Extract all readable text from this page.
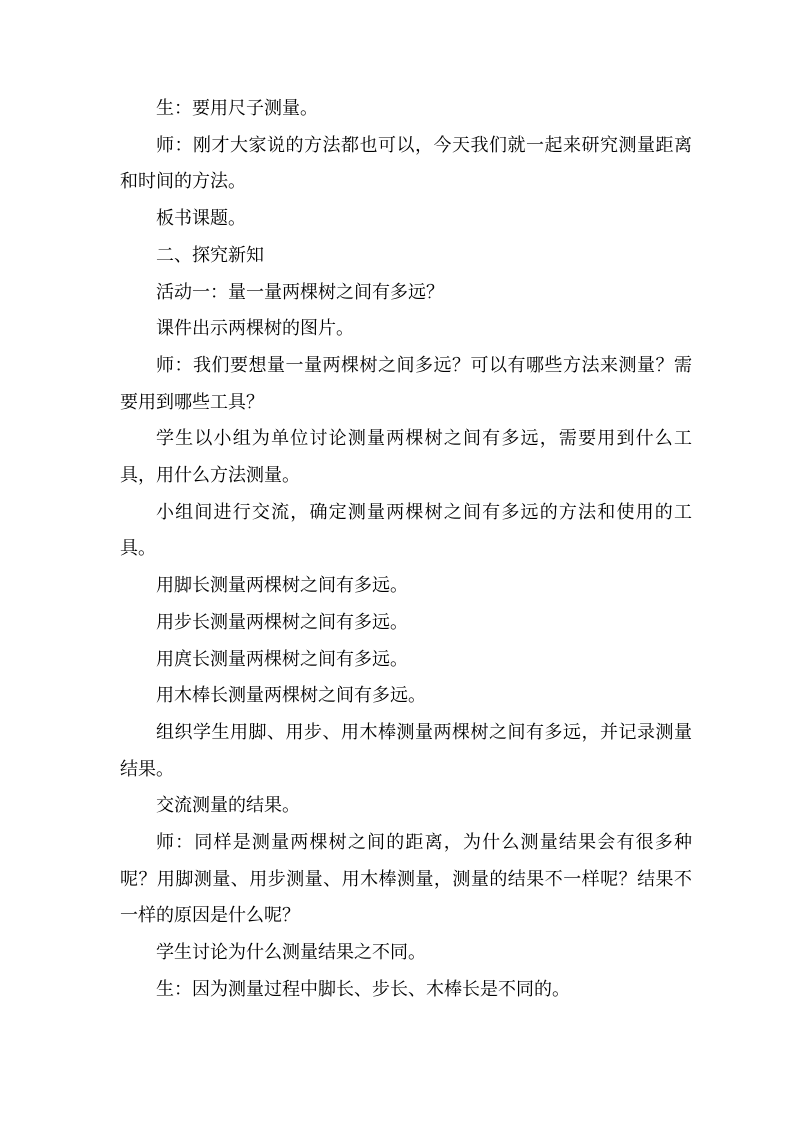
生：要用尺子测量。

师：刚才大家说的方法都也可以，今天我们就一起来研究测量距离和时间的方法。

板书课题。

二、探究新知

活动一：量一量两棵树之间有多远？

课件出示两棵树的图片。

师：我们要想量一量两棵树之间多远？可以有哪些方法来测量？需要用到哪些工具？

学生以小组为单位讨论测量两棵树之间有多远，需要用到什么工具，用什么方法测量。

小组间进行交流，确定测量两棵树之间有多远的方法和使用的工具。

用脚长测量两棵树之间有多远。

用步长测量两棵树之间有多远。

用庹长测量两棵树之间有多远。

用木棒长测量两棵树之间有多远。

组织学生用脚、用步、用木棒测量两棵树之间有多远，并记录测量结果。

交流测量的结果。

师：同样是测量两棵树之间的距离，为什么测量结果会有很多种呢？用脚测量、用步测量、用木棒测量，测量的结果不一样呢？结果不一样的原因是什么呢？

学生讨论为什么测量结果之不同。

生：因为测量过程中脚长、步长、木棒长是不同的。
